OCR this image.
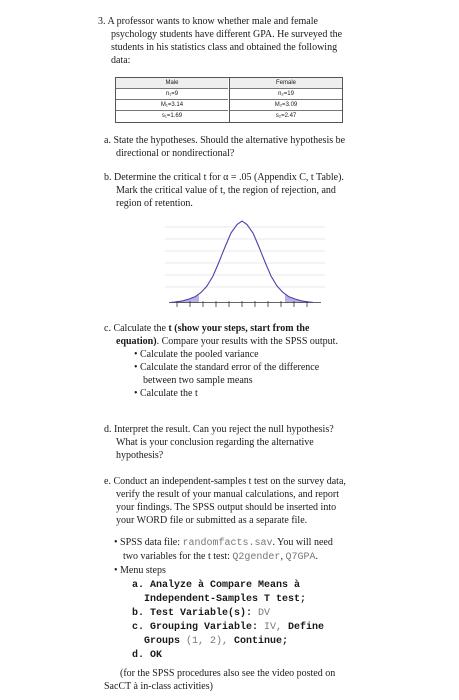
3. A professor wants to know whether male and female
psychology students have different GPA. He surveyed the
students in his statistics class and obtained the following
data:
Male
n₁=9
M₁=3.14
s₁=1.69
Female
n₂=19
M₂=3.09
s₂=2.47
a. State the hypotheses. Should the alternative hypothesis be
directional or nondirectional?
b. Determine the critical t for α = .05 (Appendix C, t Table).
Mark the critical value of t, the region of rejection, and
region of retention.
c. Calculate the t (show your steps, start from the
equation). Compare your results with the SPSS output.
• Calculate the pooled variance
• Calculate the standard error of the difference
between two sample means
• Calculate the t
d. Interpret the result. Can you reject the null hypothesis?
What is your conclusion regarding the alternative
hypothesis?
e. Conduct an independent-samples t test on the survey data,
verify the result of your manual calculations, and report
your findings. The SPSS output should be inserted into
your WORD file or submitted as a separate file.
• SPSS data file: randomfacts.sav. You will need
two variables for the t test: Q2gender, Q7GPA.
• Menu steps
a. Analyze à Compare Means à
Independent-Samples T test;
b. Test Variable(s): DV
c. Grouping Variable: IV, Define
Groups (1, 2), Continue;
d. OK
(for the SPSS procedures also see the video posted on
SacCT à in-class activities)
